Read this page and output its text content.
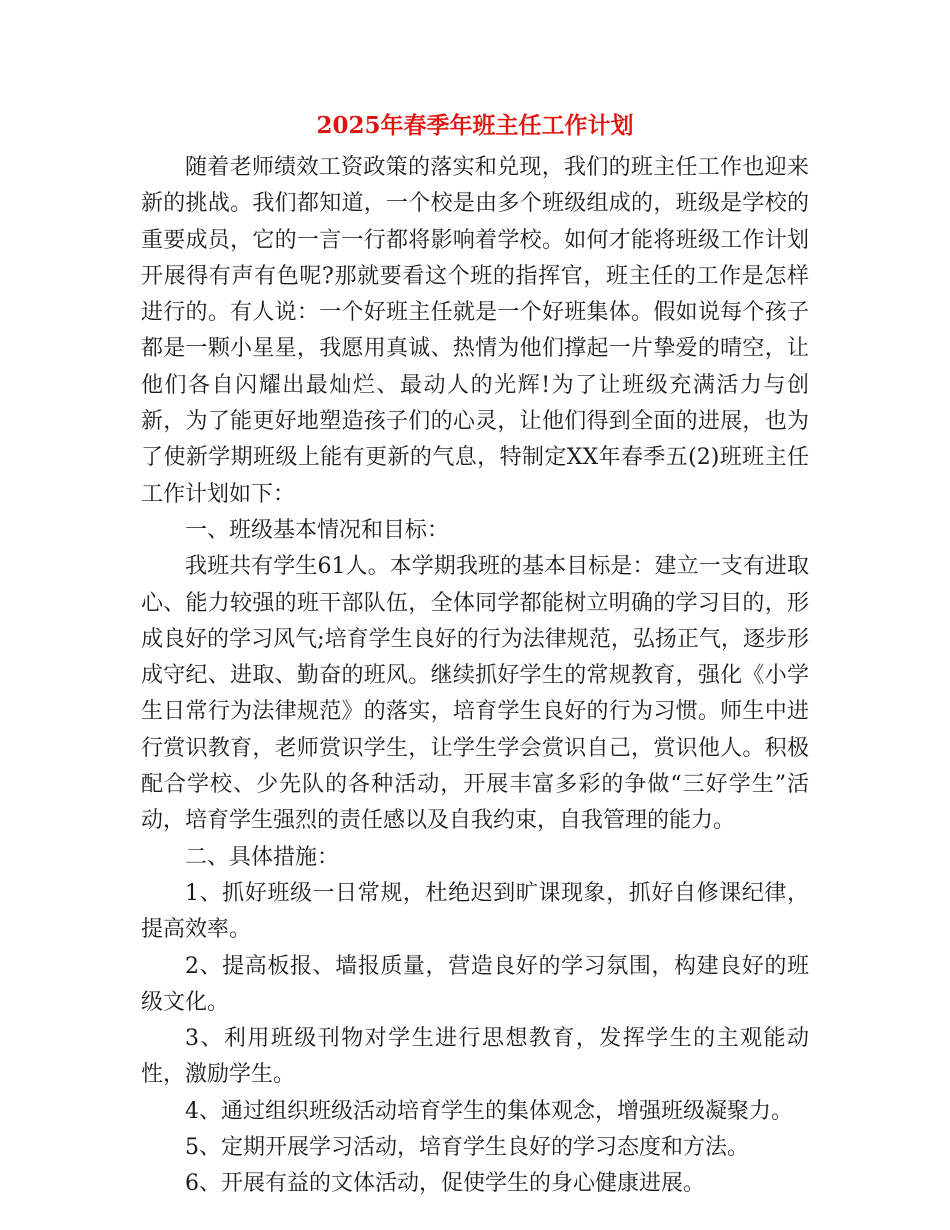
2025年春季年班主任工作计划

随着老师绩效工资政策的落实和兑现，我们的班主任工作也迎来新的挑战。我们都知道，一个校是由多个班级组成的，班级是学校的重要成员，它的一言一行都将影响着学校。如何才能将班级工作计划开展得有声有色呢?那就要看这个班的指挥官，班主任的工作是怎样进行的。有人说：一个好班主任就是一个好班集体。假如说每个孩子都是一颗小星星，我愿用真诚、热情为他们撑起一片挚爱的晴空，让他们各自闪耀出最灿烂、最动人的光辉!为了让班级充满活力与创新，为了能更好地塑造孩子们的心灵，让他们得到全面的进展，也为了使新学期班级上能有更新的气息，特制定XX年春季五(2)班班主任工作计划如下：

一、班级基本情况和目标：

我班共有学生61人。本学期我班的基本目标是：建立一支有进取心、能力较强的班干部队伍，全体同学都能树立明确的学习目的，形成良好的学习风气;培育学生良好的行为法律规范，弘扬正气，逐步形成守纪、进取、勤奋的班风。继续抓好学生的常规教育，强化《小学生日常行为法律规范》的落实，培育学生良好的行为习惯。师生中进行赏识教育，老师赏识学生，让学生学会赏识自己，赏识他人。积极配合学校、少先队的各种活动，开展丰富多彩的争做“三好学生”活动，培育学生强烈的责任感以及自我约束，自我管理的能力。

二、具体措施：

1、抓好班级一日常规，杜绝迟到旷课现象，抓好自修课纪律，提高效率。

2、提高板报、墙报质量，营造良好的学习氛围，构建良好的班级文化。

3、利用班级刊物对学生进行思想教育，发挥学生的主观能动性，激励学生。

4、通过组织班级活动培育学生的集体观念，增强班级凝聚力。

5、定期开展学习活动，培育学生良好的学习态度和方法。

6、开展有益的文体活动，促使学生的身心健康进展。
